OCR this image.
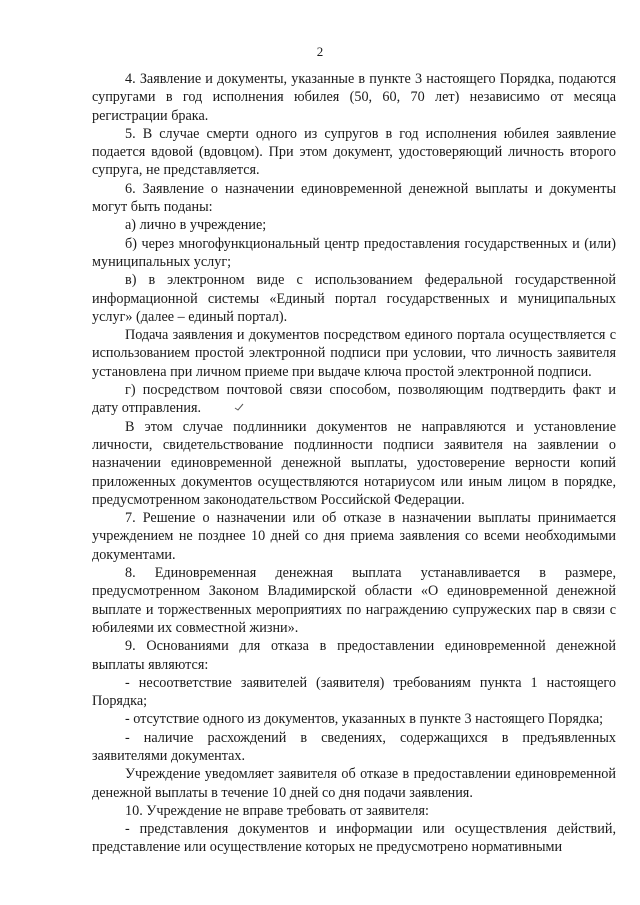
2

4. Заявление и документы, указанные в пункте 3 настоящего Порядка, подаются супругами в год исполнения юбилея (50, 60, 70 лет) независимо от месяца регистрации брака.

5. В случае смерти одного из супругов в год исполнения юбилея заявление подается вдовой (вдовцом). При этом документ, удостоверяющий личность второго супруга, не представляется.

6. Заявление о назначении единовременной денежной выплаты и документы могут быть поданы:

а) лично в учреждение;

б) через многофункциональный центр предоставления государственных и (или) муниципальных услуг;

в) в электронном виде с использованием федеральной государственной информационной системы «Единый портал государственных и муниципальных услуг» (далее – единый портал).

Подача заявления и документов посредством единого портала осуществляется с использованием простой электронной подписи при условии, что личность заявителя установлена при личном приеме при выдаче ключа простой электронной подписи.

г) посредством почтовой связи способом, позволяющим подтвердить факт и дату отправления.

В этом случае подлинники документов не направляются и установление личности, свидетельствование подлинности подписи заявителя на заявлении о назначении единовременной денежной выплаты, удостоверение верности копий приложенных документов осуществляются нотариусом или иным лицом в порядке, предусмотренном законодательством Российской Федерации.

7. Решение о назначении или об отказе в назначении выплаты принимается учреждением не позднее 10 дней со дня приема заявления со всеми необходимыми документами.

8. Единовременная денежная выплата устанавливается в размере, предусмотренном Законом Владимирской области «О единовременной денежной выплате и торжественных мероприятиях по награждению супружеских пар в связи с юбилеями их совместной жизни».

9. Основаниями для отказа в предоставлении единовременной денежной выплаты являются:

- несоответствие заявителей (заявителя) требованиям пункта 1 настоящего Порядка;

- отсутствие одного из документов, указанных в пункте 3 настоящего Порядка;

- наличие расхождений в сведениях, содержащихся в предъявленных заявителями документах.

Учреждение уведомляет заявителя об отказе в предоставлении единовременной денежной выплаты в течение 10 дней со дня подачи заявления.

10. Учреждение не вправе требовать от заявителя:

- представления документов и информации или осуществления действий, представление или осуществление которых не предусмотрено нормативными
